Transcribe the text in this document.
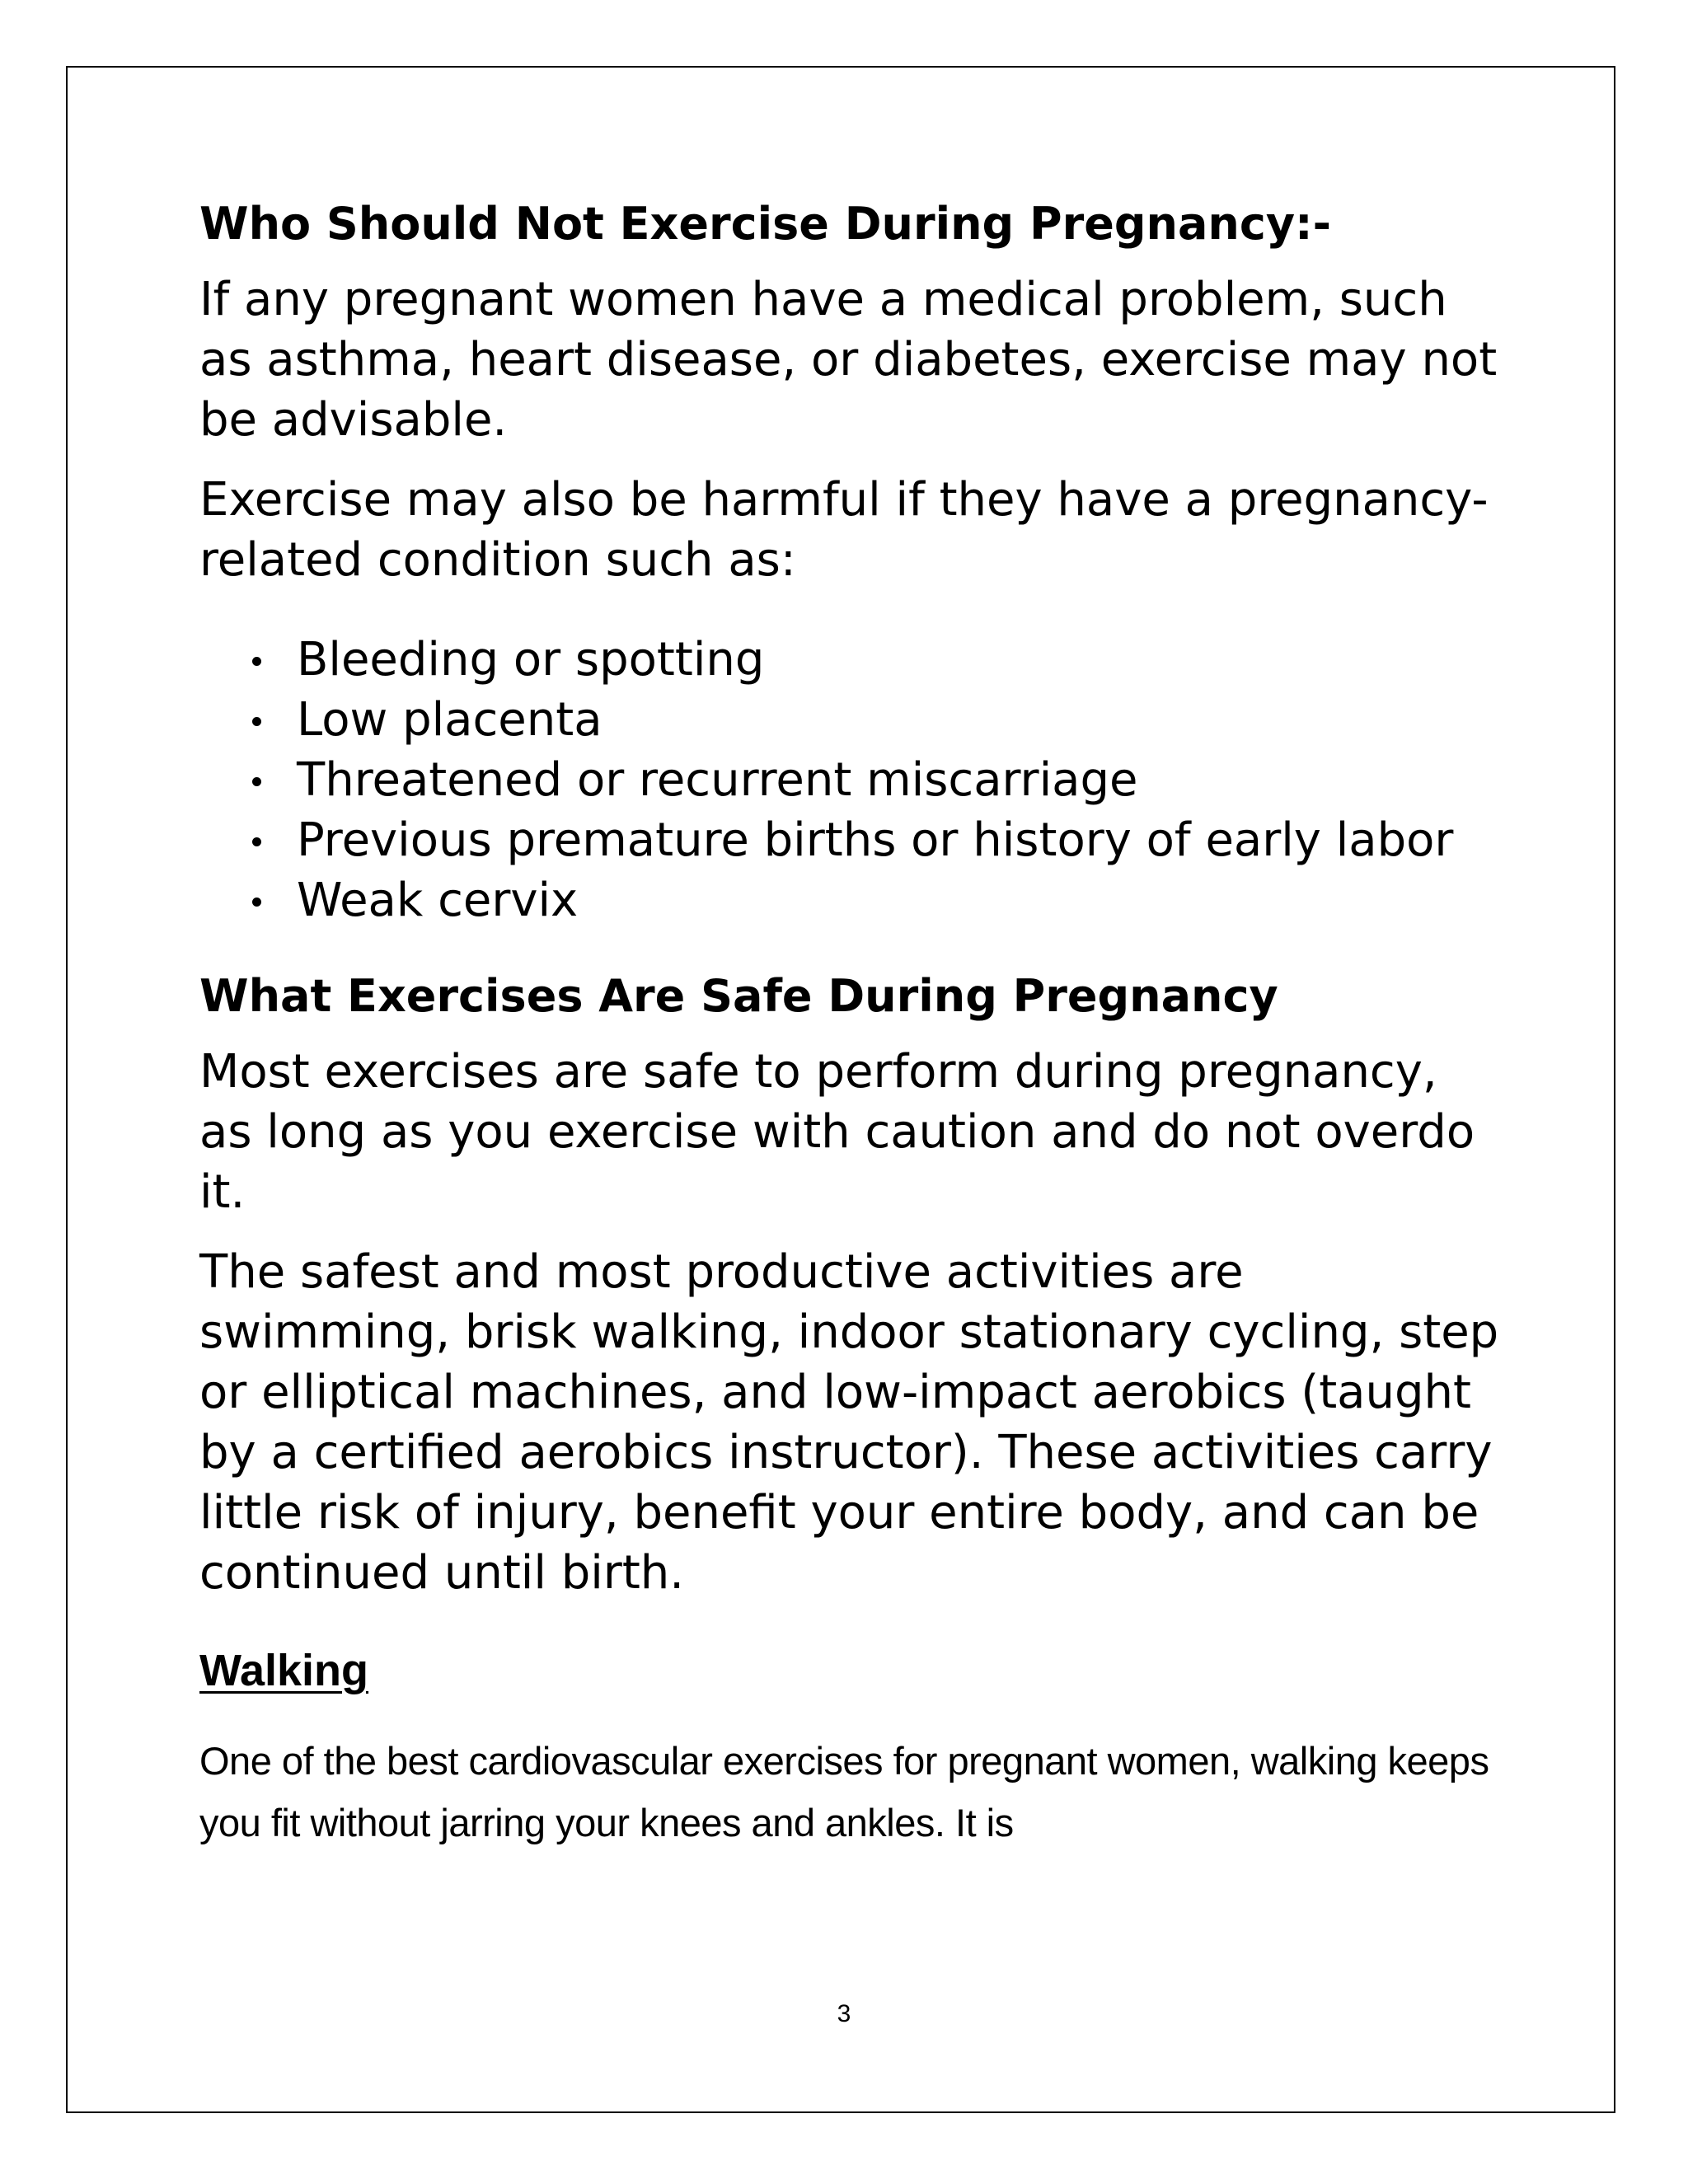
Who Should Not Exercise During Pregnancy:-

If any pregnant women have a medical problem, such as asthma, heart disease, or diabetes, exercise may not be advisable.

Exercise may also be harmful if they have a pregnancy-related condition such as:

Bleeding or spotting
Low placenta
Threatened or recurrent miscarriage
Previous premature births or history of early labor
Weak cervix
What Exercises Are Safe During Pregnancy

Most exercises are safe to perform during pregnancy, as long as you exercise with caution and do not overdo it.

The safest and most productive activities are swimming, brisk walking, indoor stationary cycling, step or elliptical machines, and low-impact aerobics (taught by a certified aerobics instructor). These activities carry little risk of injury, benefit your entire body, and can be continued until birth.

Walking

One of the best cardiovascular exercises for pregnant women, walking keeps you fit without jarring your knees and ankles. It is

3
